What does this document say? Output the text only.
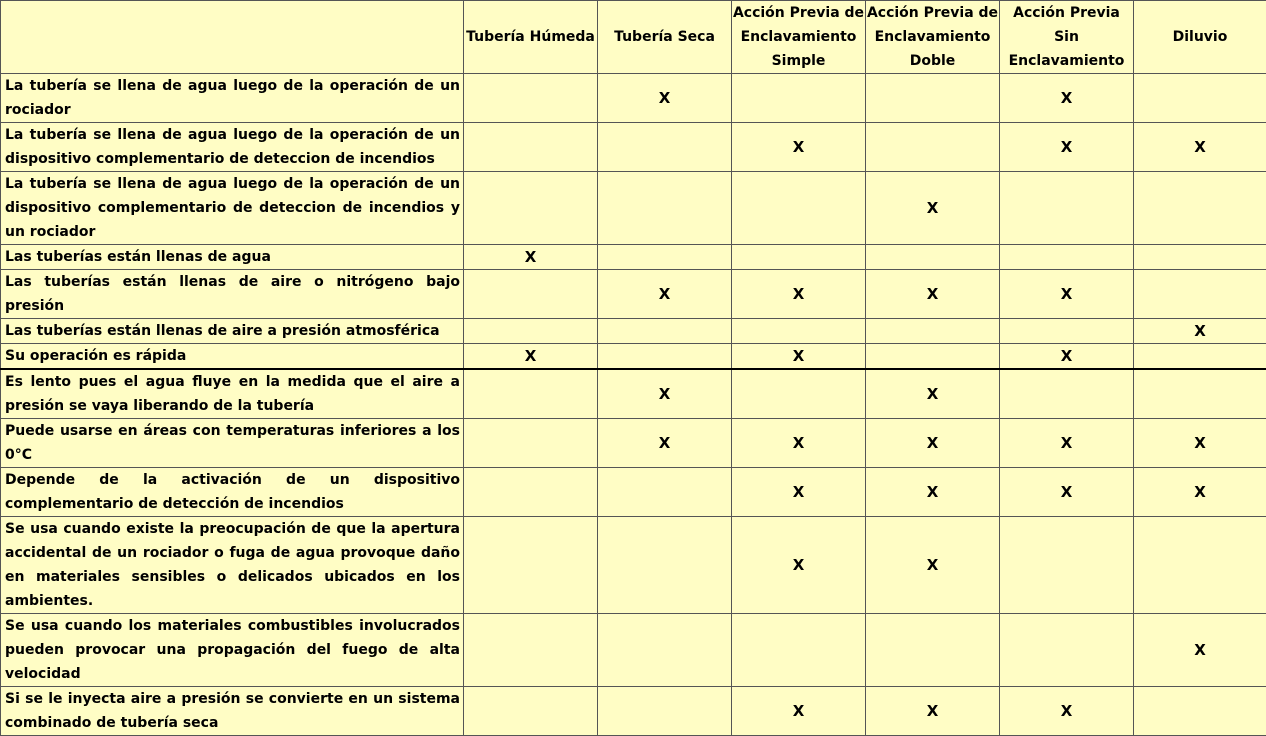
	Tubería Húmeda	Tubería Seca	Acción Previa de Enclavamiento Simple	Acción Previa de Enclavamiento Doble	Acción Previa Sin Enclavamiento	Diluvio
La tubería se llena de agua luego de la operación de un rociador		X			X	
La tubería se llena de agua luego de la operación de un dispositivo complementario de deteccion de incendios			X		X	X
La tubería se llena de agua luego de la operación de un dispositivo complementario de deteccion de incendios y un rociador				X		
Las tuberías están llenas de agua	X					
Las tuberías están llenas de aire o nitrógeno bajo presión		X	X	X	X	
Las tuberías están llenas de aire a presión atmosférica						X
Su operación es rápida	X		X		X	
Es lento pues el agua fluye en la medida que el aire a presión se vaya liberando de la tubería		X		X		
Puede usarse en áreas con temperaturas inferiores a los 0°C		X	X	X	X	X
Depende de la activación de un dispositivo complementario de detección de incendios			X	X	X	X
Se usa cuando existe la preocupación de que la apertura accidental de un rociador o fuga de agua provoque daño en materiales sensibles o delicados ubicados en los ambientes.			X	X		
Se usa cuando los materiales combustibles involucrados pueden provocar una propagación del fuego de alta velocidad						X
Si se le inyecta aire a presión se convierte en un sistema combinado de tubería seca			X	X	X	
